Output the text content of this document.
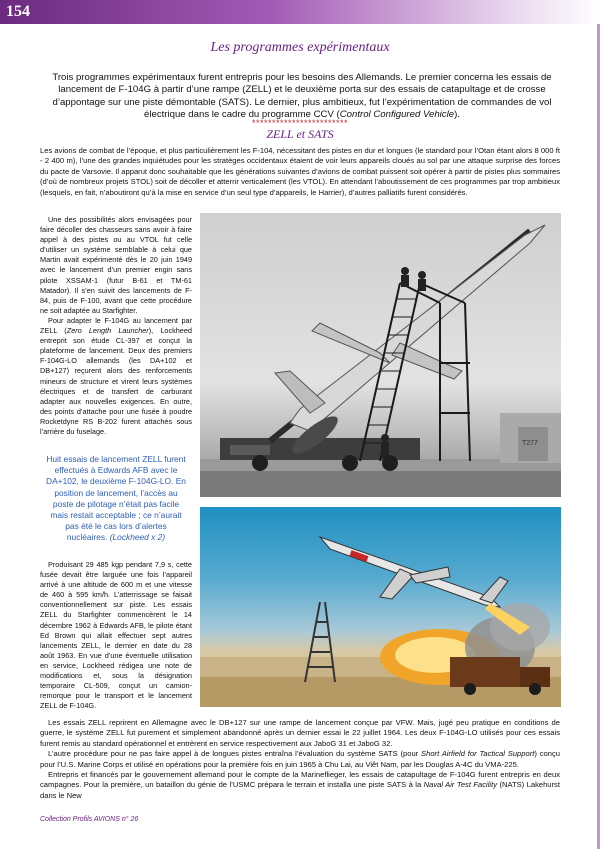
154
Les programmes expérimentaux

Trois programmes expérimentaux furent entrepris pour les besoins des Allemands. Le premier concerna les essais de lancement de F-104G à partir d’une rampe (ZELL) et le deuxième porta sur des essais de catapultage et de crosse d’appontage sur une piste démontable (SATS). Le dernier, plus ambitieux, fut l’expérimentation de commandes de vol électrique dans le cadre du programme CCV (Control Configured Vehicle).

************************
ZELL et SATS

Les avions de combat de l’époque, et plus particulièrement les F-104, nécessitant des pistes en dur et longues (le standard pour l’Otan étant alors 8 000 ft - 2 400 m), l’une des grandes inquiétudes pour les stratèges occidentaux étaient de voir leurs appareils cloués au sol par une attaque surprise des forces du pacte de Varsovie. Il apparut donc souhaitable que les générations suivantes d’avions de combat puissent soit opérer à partir de pistes plus sommaires (d’où de nombreux projets STOL) soit de décoller et atterrir verticalement (les VTOL). En attendant l’aboutissement de ces programmes par trop ambitieux (lesquels, en fait, n’aboutiront qu’à la mise en service d’un seul type d’appareils, le Harrier), d’autres palliatifs furent considérés.

Une des possibilités alors envisagées pour faire décoller des chasseurs sans avoir à faire appel à des pistes ou au VTOL fut celle d’utiliser un système semblable à celui que Martin avait expérimenté dès le 20 juin 1949 avec le lancement d’un premier engin sans pilote XSSAM-1 (futur B-61 et TM-61 Matador). Il s’en suivit des lancements de F-84, puis de F-100, avant que cette procédure ne soit adaptée au Starfighter.

Pour adapter le F-104G au lancement par ZELL (Zero Length Launcher), Lockheed entreprit son étude CL-397 et conçut la plateforme de lancement. Deux des premiers F-104G-LO allemands (les DA+102 et DB+127) reçurent alors des renforcements mineurs de structure et virent leurs systèmes électriques et de transfert de carburant adapter aux nouvelles exigences. En outre, des points d’attache pour une fusée à poudre Rocketdyne RS B-202 furent attachés sous l’arrière du fuselage.

Huit essais de lancement ZELL furent effectués à Edwards AFB avec le DA+102, le deuxième F-104G-LO. En position de lancement, l’accès au poste de pilotage n’était pas facile mais restait acceptable ; ce n’aurait pas été le cas lors d’alertes nucléaires. (Lockheed x 2)

Produisant 29 485 kgp pendant 7,9 s, cette fusée devait être larguée une fois l’appareil arrivé à une altitude de 600 m et une vitesse de 460 à 595 km/h. L’atterrissage se faisait conventionnellement sur piste. Les essais ZELL du Starfighter commencèrent le 14 décembre 1962 à Edwards AFB, le pilote étant Ed Brown qui allait effectuer sept autres lancements ZELL, le dernier en date du 28 août 1963. En vue d’une éventuelle utilisation en service, Lockheed rédigea une note de modifications et, sous la désignation temporaire CL-509, conçut un camion-remorque pour le transport et le lancement ZELL de F-104G.

T277

Les essais ZELL reprirent en Allemagne avec le DB+127 sur une rampe de lancement conçue par VFW. Mais, jugé peu pratique en conditions de guerre, le système ZELL fut purement et simplement abandonné après un dernier essai le 22 juillet 1964. Les deux F-104G-LO utilisés pour ces essais furent remis au standard opérationnel et entrèrent en service respectivement aux JaboG 31 et JaboG 32.
L’autre procédure pour ne pas faire appel à de longues pistes entraîna l’évaluation du système SATS (pour Short Airfield for Tactical Support) conçu pour l’U.S. Marine Corps et utilisé en opérations pour la première fois en juin 1965 à Chu Lai, au Viêt Nam, par les Douglas A-4C du VMA-225.
Entrepris et financés par le gouvernement allemand pour le compte de la Marineflieger, les essais de catapultage de F-104G furent entrepris en deux campagnes. Pour la première, un bataillon du génie de l’USMC prépara le terrain et installa une piste SATS à la Naval Air Test Facility (NATS) Lakehurst dans le New

Collection Profils AVIONS n° 26
